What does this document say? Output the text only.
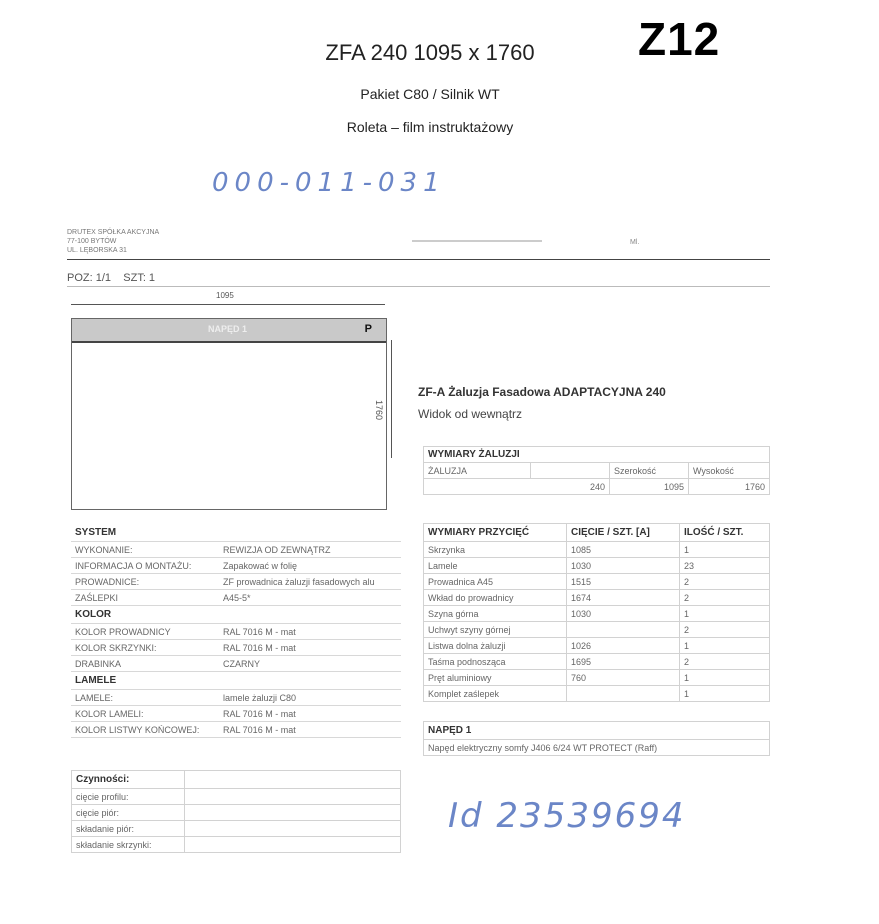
ZFA 240 1095 x 1760
Pakiet C80 / Silnik WT
Roleta – film instruktażowy
Z12
000-011-031
DRUTEX SPÓŁKA AKCYJNA
77-100 BYTÓW
UL. LĘBORSKA 31
Ml.
POZ: 1/1 SZT: 1
1095
NAPĘD 1	P
1760
ZF-A Żaluzja Fasadowa ADAPTACYJNA 240
Widok od wewnątrz
WYMIARY ŻALUZJI			
ŻALUZJA		Szerokość	Wysokość
240		1095	1760
SYSTEM	
WYKONANIE:	REWIZJA OD ZEWNĄTRZ
INFORMACJA O MONTAŻU:	Zapakować w folię
PROWADNICE:	ZF prowadnica żaluzji fasadowych alu
ZAŚLEPKI	A45-5*
KOLOR	
KOLOR PROWADNICY	RAL 7016 M - mat
KOLOR SKRZYNKI:	RAL 7016 M - mat
DRABINKA	CZARNY
LAMELE	
LAMELE:	lamele żaluzji C80
KOLOR LAMELI:	RAL 7016 M - mat
KOLOR LISTWY KOŃCOWEJ:	RAL 7016 M - mat
WYMIARY PRZYCIĘĆ	CIĘCIE / SZT. [A]	ILOŚĆ / SZT.
Skrzynka	1085	1
Lamele	1030	23
Prowadnica A45	1515	2
Wkład do prowadnicy	1674	2
Szyna górna	1030	1
Uchwyt szyny górnej		2
Listwa dolna żaluzji	1026	1
Taśma podnosząca	1695	2
Pręt aluminiowy	760	1
Komplet zaślepek		1
NAPĘD 1
Napęd elektryczny somfy J406 6/24 WT PROTECT (Raff)
Czynności:	
cięcie profilu:	
cięcie piór:	
składanie piór:	
składanie skrzynki:	
Id 23539694
